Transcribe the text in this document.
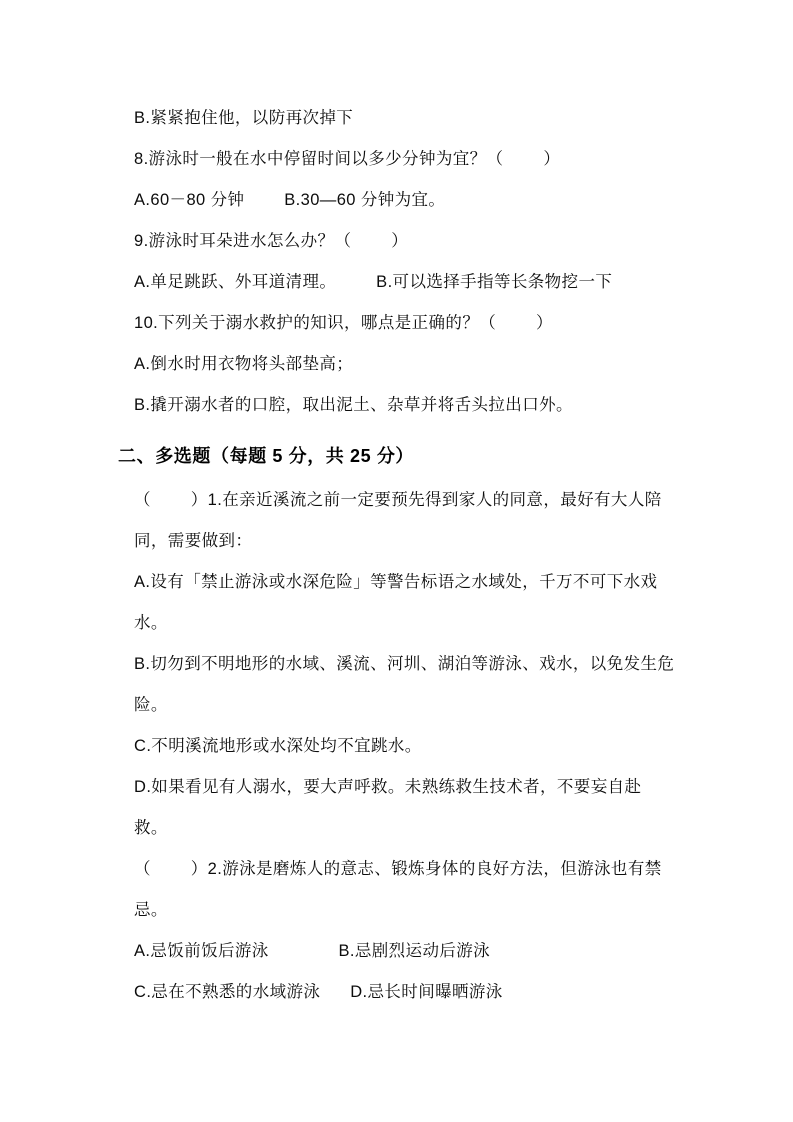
B.紧紧抱住他，以防再次掉下
8.游泳时一般在水中停留时间以多少分钟为宜？（        ）
A.60－80 分钟        B.30—60 分钟为宜。
9.游泳时耳朵进水怎么办？（        ）
A.单足跳跃、外耳道清理。        B.可以选择手指等长条物挖一下
10.下列关于溺水救护的知识，哪点是正确的？（        ）
A.倒水时用衣物将头部垫高；
B.撬开溺水者的口腔，取出泥土、杂草并将舌头拉出口外。
二、多选题（每题 5 分，共 25 分）
（        ）1.在亲近溪流之前一定要预先得到家人的同意，最好有大人陪同，需要做到：
A.设有「禁止游泳或水深危险」等警告标语之水域处，千万不可下水戏水。
B.切勿到不明地形的水域、溪流、河圳、湖泊等游泳、戏水，以免发生危险。
C.不明溪流地形或水深处均不宜跳水。
D.如果看见有人溺水，要大声呼救。未熟练救生技术者，不要妄自赴救。
（        ）2.游泳是磨炼人的意志、锻炼身体的良好方法，但游泳也有禁忌。
A.忌饭前饭后游泳              B.忌剧烈运动后游泳
C.忌在不熟悉的水域游泳      D.忌长时间曝晒游泳
